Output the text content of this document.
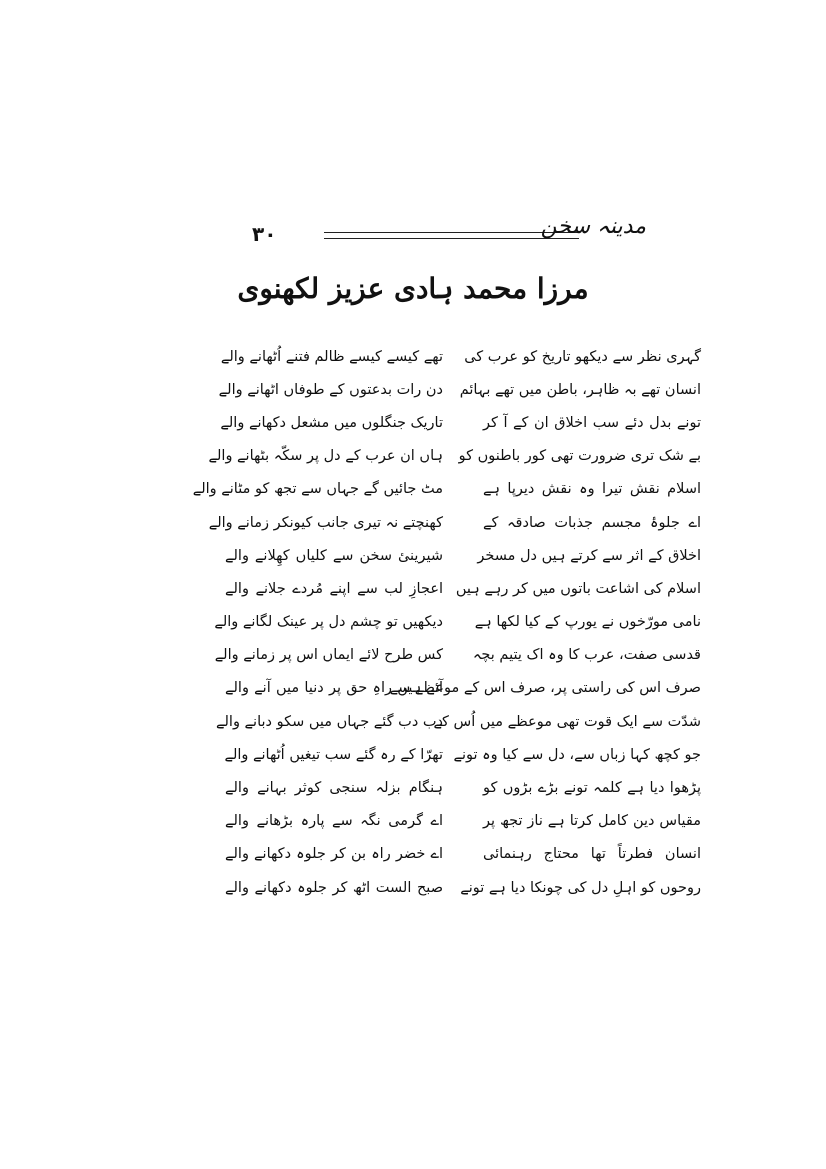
۳۰	مدینہ سخن
مرزا محمد ہادی عزیز لکھنوی
گہری نظر سے دیکھو تاریخ کو عرب کی
تھے کیسے کیسے ظالم فتنے اُٹھانے والے
انسان تھے بہ ظاہر، باطن میں تھے بہائم
دن رات بدعتوں کے طوفاں اٹھانے والے
تونے بدل دئے سب اخلاق ان کے آ کر
تاریک جنگلوں میں مشعل دکھانے والے
بے شک تری ضرورت تھی کور باطنوں کو
ہاں ان عرب کے دل پر سکّہ بٹھانے والے
اسلام نقش تیرا وہ نقش دیرپا ہے
مٹ جائیں گے جہاں سے تجھ کو مٹانے والے
اے جلوۂ مجسم جذبات صادقہ کے
کھنچتے نہ تیری جانب کیونکر زمانے والے
اخلاق کے اثر سے کرتے ہیں دل مسخر
شیرینیٔ سخن سے کلیاں کھِلانے والے
اسلام کی اشاعت باتوں میں کر رہے ہیں
اعجازِ لب سے اپنے مُردے جلانے والے
نامی مورّخوں نے یورپ کے کیا لکھا ہے
دیکھیں تو چشم دل پر عینک لگانے والے
قدسی صفت، عرب کا وہ اک یتیم بچہ
کس طرح لائے ایماں اس پر زمانے والے
صرف اس کی راستی پر، صرف اس کے موعظے سے
آئے ہیں راہِ حق پر دنیا میں آنے والے
شدّت سے ایک قوت تھی موعظے میں اُس کے
دب دب گئے جہاں میں سکو دبانے والے
جو کچھ کہا زباں سے، دل سے کیا وہ تونے
تھرّا کے رہ گئے سب تیغیں اُٹھانے والے
پڑھوا دیا ہے کلمہ تونے بڑے بڑوں کو
ہنگام بزلہ سنجی کوثر بہانے والے
مقیاس دین کامل کرتا ہے ناز تجھ پر
اے گرمی نگہ سے پارہ بڑھانے والے
انسان فطرتاً تھا محتاج رہنمائی
اے خضر راہ بن کر جلوہ دکھانے والے
روحوں کو اہلِ دل کی چونکا دیا ہے تونے
صبح الست اٹھ کر جلوہ دکھانے والے
